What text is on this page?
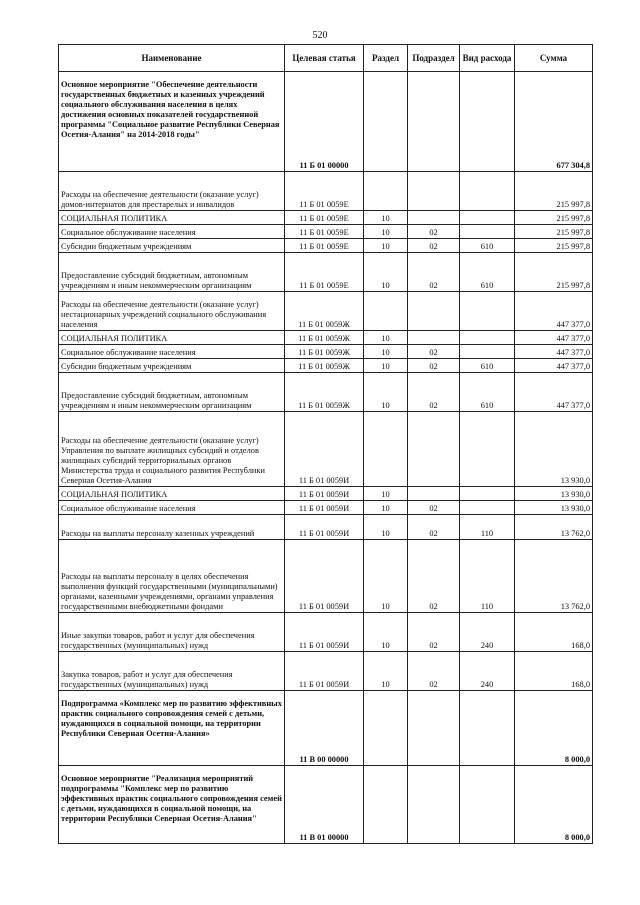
520
Наименование	Целевая статья	Раздел	Подраздел	Вид расхода	Сумма
Основное мероприятие "Обеспечение деятельности государственных бюджетных и казенных учреждений социального обслуживания населения в целях достижения основных показателей государственной программы "Социальное развитие Республики Северная Осетия-Алания" на 2014-2018 годы"	11 Б 01 00000				677 304,8
Расходы на обеспечение деятельности (оказание услуг) домов-интернатов для престарелых и инвалидов	11 Б 01 0059Е				215 997,8
СОЦИАЛЬНАЯ ПОЛИТИКА	11 Б 01 0059Е	10			215 997,8
Социальное обслуживание населения	11 Б 01 0059Е	10	02		215 997,8
Субсидии бюджетным учреждениям	11 Б 01 0059Е	10	02	610	215 997,8
Предоставление субсидий бюджетным, автономным учреждениям и иным некоммерческим организациям	11 Б 01 0059Е	10	02	610	215 997,8
Расходы на обеспечение деятельности (оказание услуг) нестационарных учреждений социального обслуживания населения	11 Б 01 0059Ж				447 377,0
СОЦИАЛЬНАЯ ПОЛИТИКА	11 Б 01 0059Ж	10			447 377,0
Социальное обслуживание населения	11 Б 01 0059Ж	10	02		447 377,0
Субсидии бюджетным учреждениям	11 Б 01 0059Ж	10	02	610	447 377,0
Предоставление субсидий бюджетным, автономным учреждениям и иным некоммерческим организациям	11 Б 01 0059Ж	10	02	610	447 377,0
Расходы на обеспечение деятельности (оказание услуг) Управления по выплате жилищных субсидий и отделов жилищных субсидий территориальных органов Министерства труда и социального развития Республики Северная Осетия-Алания	11 Б 01 0059И				13 930,0
СОЦИАЛЬНАЯ ПОЛИТИКА	11 Б 01 0059И	10			13 930,0
Социальное обслуживание населения	11 Б 01 0059И	10	02		13 930,0
Расходы на выплаты персоналу казенных учреждений	11 Б 01 0059И	10	02	110	13 762,0
Расходы на выплаты персоналу в целях обеспечения выполнения функций государственными (муниципальными) органами, казенными учреждениями, органами управления государственными внебюджетными фондами	11 Б 01 0059И	10	02	110	13 762,0
Иные закупки товаров, работ и услуг для обеспечения государственных (муниципальных) нужд	11 Б 01 0059И	10	02	240	168,0
Закупка товаров, работ и услуг для обеспечения государственных (муниципальных) нужд	11 Б 01 0059И	10	02	240	168,0
Подпрограмма «Комплекс мер по развитию эффективных практик социального сопровождения семей с детьми, нуждающихся в социальной помощи, на территории Республики Северная Осетия-Алания»	11 В 00 00000				8 000,0
Основное мероприятие "Реализация мероприятий подпрограммы "Комплекс мер по развитию эффективных практик социального сопровождения семей с детьми, нуждающихся в социальной помощи, на территории Республики Северная Осетия-Алания"	11 В 01 00000				8 000,0
